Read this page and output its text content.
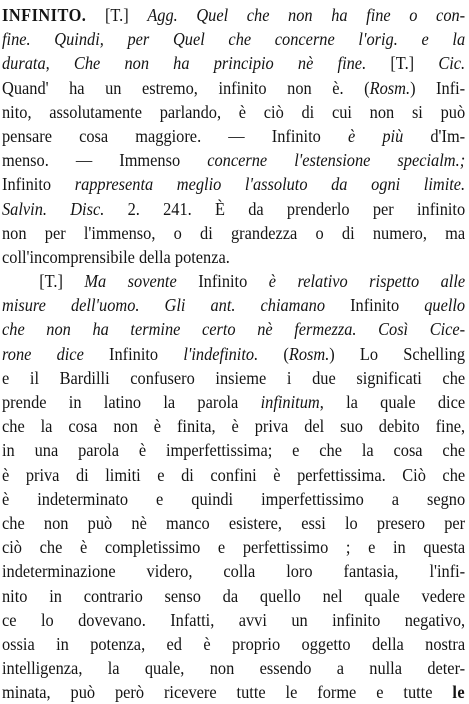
INFINITO. [T.] Agg. Quel che non ha fine o con-
fine. Quindi, per Quel che concerne l'orig. e la
durata, Che non ha principio nè fine. [T.] Cic.
Quand' ha un estremo, infinito non è. (Rosm.) Infi-
nito, assolutamente parlando, è ciò di cui non si può
pensare cosa maggiore. — Infinito è più d'Im-
menso. — Immenso concerne l'estensione specialm.;
Infinito rappresenta meglio l'assoluto da ogni limite.
Salvin. Disc. 2. 241. È da prenderlo per infinito
non per l'immenso, o di grandezza o di numero, ma
coll'incomprensibile della potenza.
[T.] Ma sovente Infinito è relativo rispetto alle
misure dell'uomo. Gli ant. chiamano Infinito quello
che non ha termine certo nè fermezza. Così Cice-
rone dice Infinito l'indefinito. (Rosm.) Lo Schelling
e il Bardilli confusero insieme i due significati che
prende in latino la parola infinitum, la quale dice
che la cosa non è finita, è priva del suo debito fine,
in una parola è imperfettissima; e che la cosa che
è priva di limiti e di confini è perfettissima. Ciò che
è indeterminato e quindi imperfettissimo a segno
che non può nè manco esistere, essi lo presero per
ciò che è completissimo e perfettissimo ; e in questa
indeterminazione videro, colla loro fantasia, l'infi-
nito in contrario senso da quello nel quale vedere
ce lo dovevano. Infatti, avvi un infinito negativo,
ossia in potenza, ed è proprio oggetto della nostra
intelligenza, la quale, non essendo a nulla deter-
minata, può però ricevere tutte le forme e tutte le
